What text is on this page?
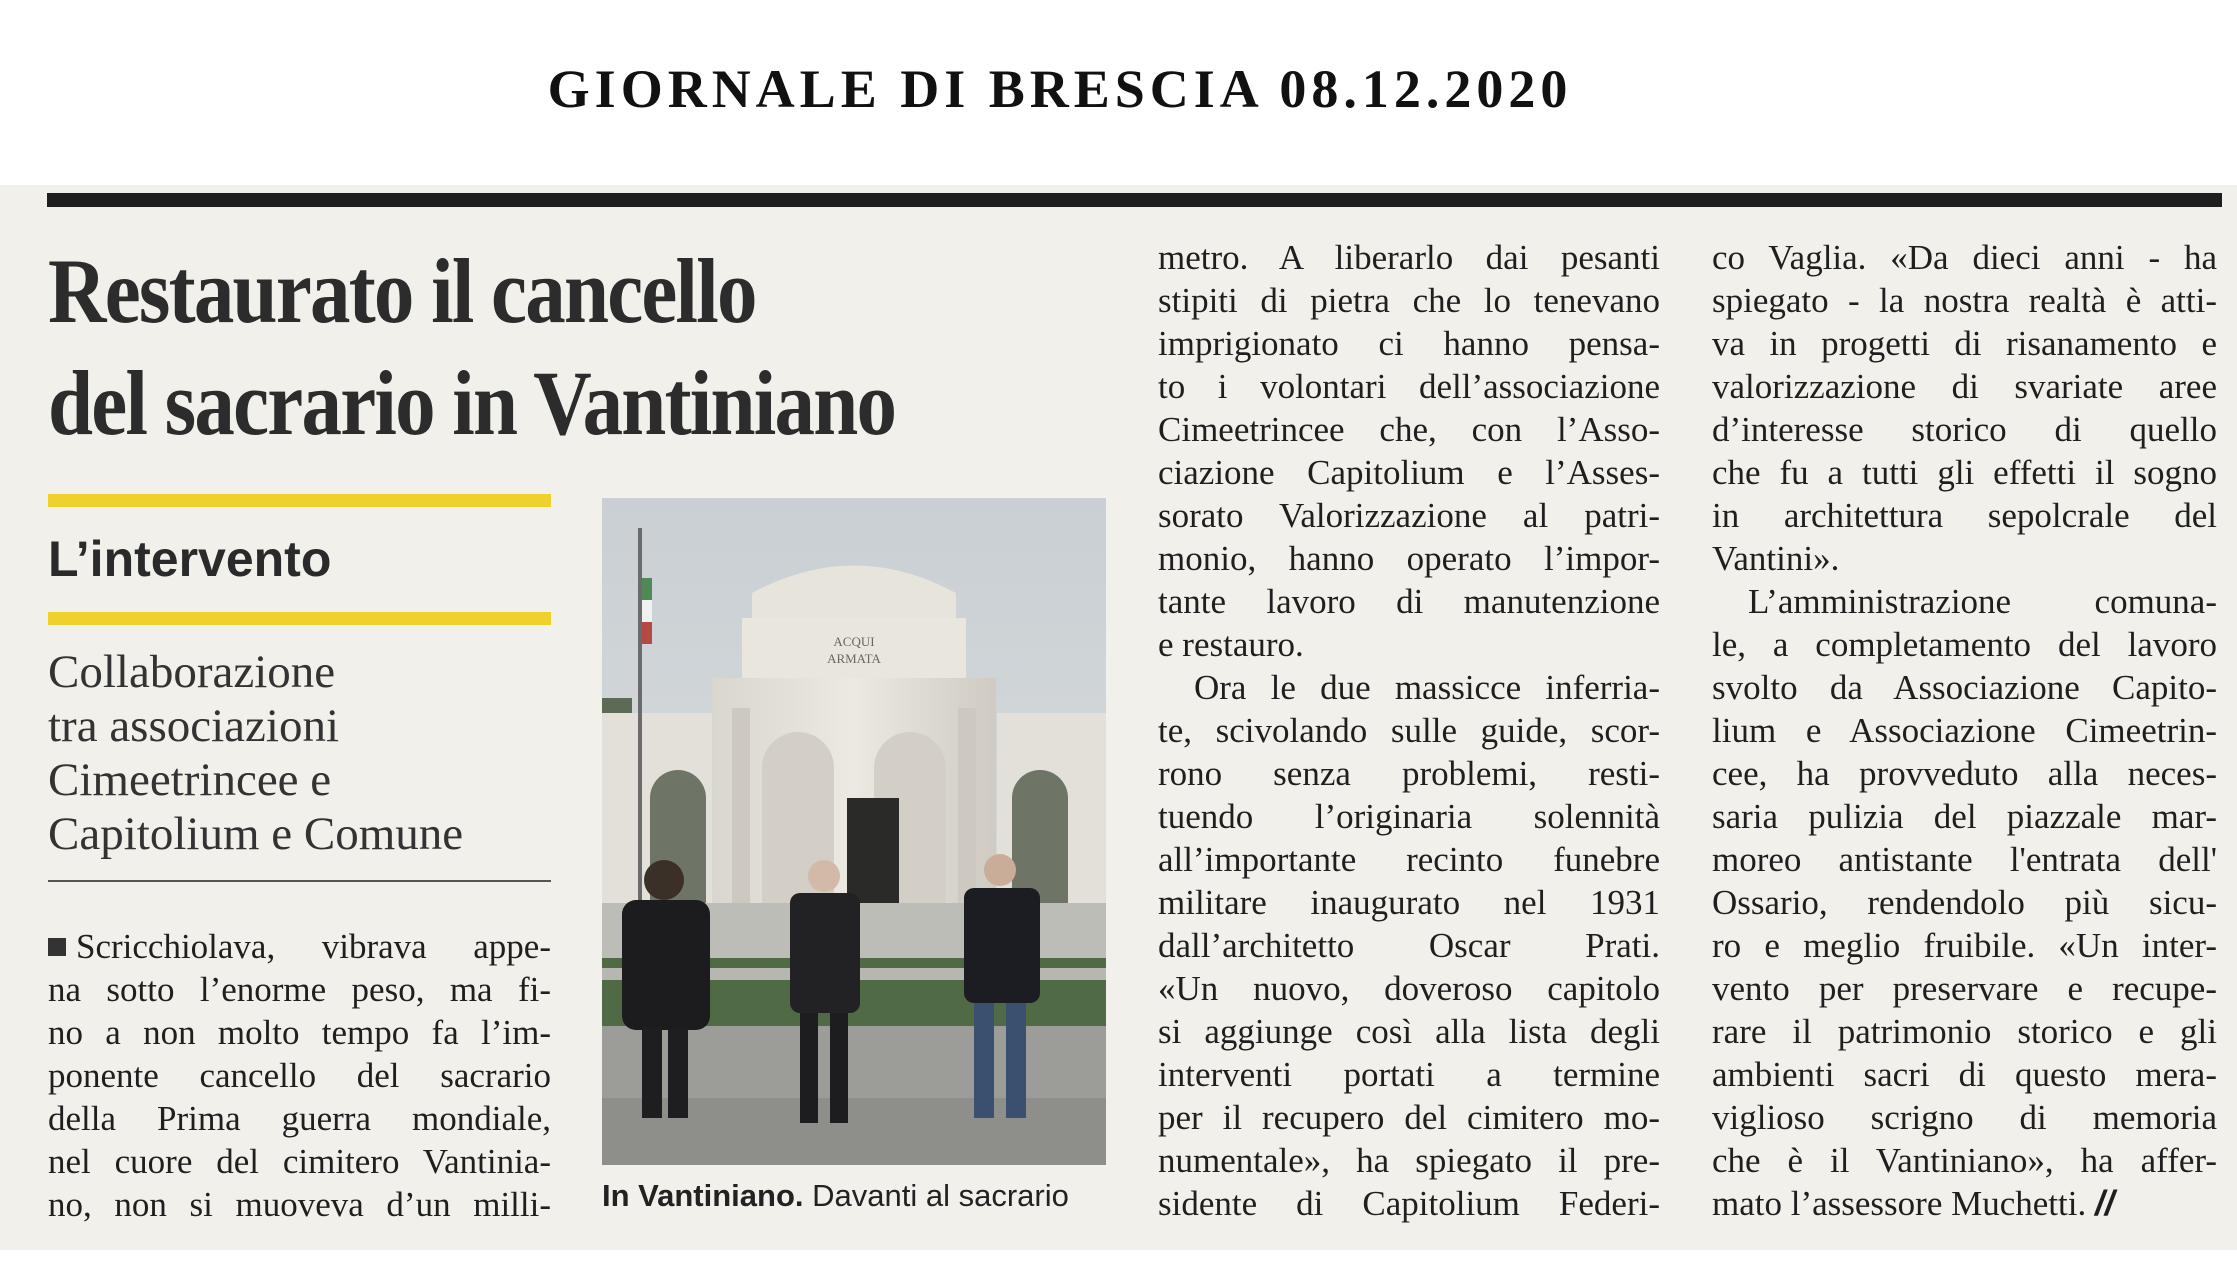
GIORNALE DI BRESCIA 08.12.2020
Restaurato il cancello
del sacrario in Vantiniano
L’intervento
Collaborazione
tra associazioni
Cimeetrincee e
Capitolium e Comune
Scricchiolava, vibrava appe-
na sotto l’enorme peso, ma fi-
no a non molto tempo fa l’im-
ponente cancello del sacrario
della Prima guerra mondiale,
nel cuore del cimitero Vantinia-
no, non si muoveva d’un milli-
ACQUI
ARMATA
In Vantiniano. Davanti al sacrario
metro. A liberarlo dai pesanti
stipiti di pietra che lo tenevano
imprigionato ci hanno pensa-
to i volontari dell’associazione
Cimeetrincee che, con l’Asso-
ciazione Capitolium e l’Asses-
sorato Valorizzazione al patri-
monio, hanno operato l’impor-
tante lavoro di manutenzione
e restauro.
Ora le due massicce inferria-
te, scivolando sulle guide, scor-
rono senza problemi, resti-
tuendo l’originaria solennità
all’importante recinto funebre
militare inaugurato nel 1931
dall’architetto Oscar Prati.
«Un nuovo, doveroso capitolo
si aggiunge così alla lista degli
interventi portati a termine
per il recupero del cimitero mo-
numentale», ha spiegato il pre-
sidente di Capitolium Federi-
co Vaglia. «Da dieci anni - ha
spiegato - la nostra realtà è atti-
va in progetti di risanamento e
valorizzazione di svariate aree
d’interesse storico di quello
che fu a tutti gli effetti il sogno
in architettura sepolcrale del
Vantini».
L’amministrazione comuna-
le, a completamento del lavoro
svolto da Associazione Capito-
lium e Associazione Cimeetrin-
cee, ha provveduto alla neces-
saria pulizia del piazzale mar-
moreo antistante l'entrata dell'
Ossario, rendendolo più sicu-
ro e meglio fruibile. «Un inter-
vento per preservare e recupe-
rare il patrimonio storico e gli
ambienti sacri di questo mera-
viglioso scrigno di memoria
che è il Vantiniano», ha affer-
mato l’assessore Muchetti. //
